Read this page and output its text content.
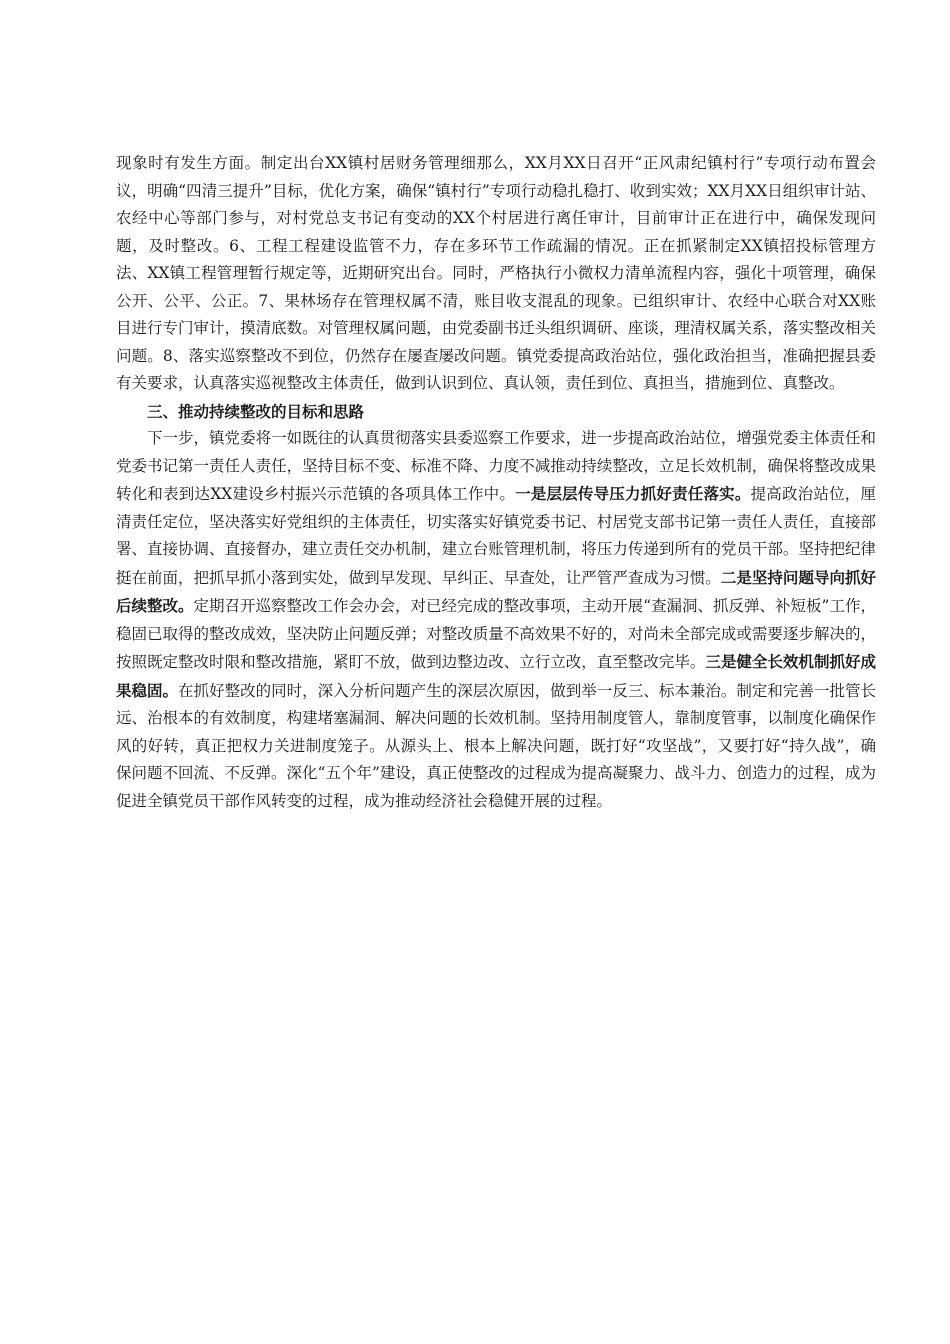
现象时有发生方面。制定出台XX镇村居财务管理细那么，XX月XX日召开“正风肃纪镇村行”专项行动布置会议，明确“四清三提升”目标，优化方案，确保“镇村行”专项行动稳扎稳打、收到实效；XX月XX日组织审计站、农经中心等部门参与，对村党总支书记有变动的XX个村居进行离任审计，目前审计正在进行中，确保发现问题，及时整改。6、工程工程建设监管不力，存在多环节工作疏漏的情况。正在抓紧制定XX镇招投标管理方法、XX镇工程管理暂行规定等，近期研究出台。同时，严格执行小微权力清单流程内容，强化十项管理，确保公开、公平、公正。7、果林场存在管理权属不清，账目收支混乱的现象。已组织审计、农经中心联合对XX账目进行专门审计，摸清底数。对管理权属问题，由党委副书迁头组织调研、座谈，理清权属关系，落实整改相关问题。8、落实巡察整改不到位，仍然存在屡查屡改问题。镇党委提高政治站位，强化政治担当，准确把握县委有关要求，认真落实巡视整改主体责任，做到认识到位、真认领，责任到位、真担当，措施到位、真整改。

三、推动持续整改的目标和思路

下一步，镇党委将一如既往的认真贯彻落实县委巡察工作要求，进一步提高政治站位，增强党委主体责任和党委书记第一责任人责任，坚持目标不变、标准不降、力度不减推动持续整改，立足长效机制，确保将整改成果转化和表到达XX建设乡村振兴示范镇的各项具体工作中。一是层层传导压力抓好责任落实。提高政治站位，厘清责任定位，坚决落实好党组织的主体责任，切实落实好镇党委书记、村居党支部书记第一责任人责任，直接部署、直接协调、直接督办，建立责任交办机制，建立台账管理机制，将压力传递到所有的党员干部。坚持把纪律挺在前面，把抓早抓小落到实处，做到早发现、早纠正、早查处，让严管严查成为习惯。二是坚持问题导向抓好后续整改。定期召开巡察整改工作会办会，对已经完成的整改事项，主动开展“查漏洞、抓反弹、补短板”工作，稳固已取得的整改成效，坚决防止问题反弹；对整改质量不高效果不好的，对尚未全部完成或需要逐步解决的，按照既定整改时限和整改措施，紧盯不放，做到边整边改、立行立改，直至整改完毕。三是健全长效机制抓好成果稳固。在抓好整改的同时，深入分析问题产生的深层次原因，做到举一反三、标本兼治。制定和完善一批管长远、治根本的有效制度，构建堵塞漏洞、解决问题的长效机制。坚持用制度管人，靠制度管事，以制度化确保作风的好转，真正把权力关进制度笼子。从源头上、根本上解决问题，既打好“攻坚战”，又要打好“持久战”，确保问题不回流、不反弹。深化“五个年”建设，真正使整改的过程成为提高凝聚力、战斗力、创造力的过程，成为促进全镇党员干部作风转变的过程，成为推动经济社会稳健开展的过程。
